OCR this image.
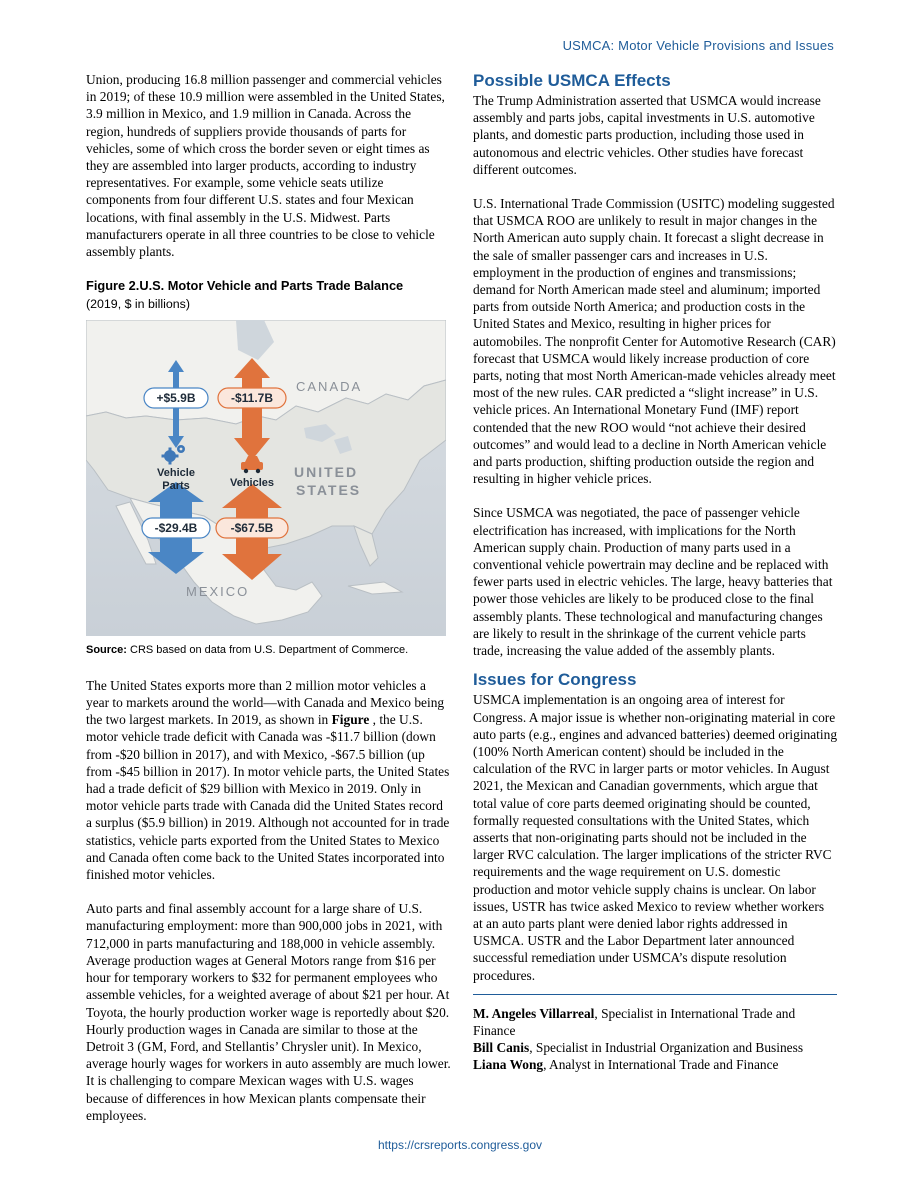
USMCA: Motor Vehicle Provisions and Issues

Union, producing 16.8 million passenger and commercial vehicles in 2019; of these 10.9 million were assembled in the United States, 3.9 million in Mexico, and 1.9 million in Canada. Across the region, hundreds of suppliers provide thousands of parts for vehicles, some of which cross the border seven or eight times as they are assembled into larger products, according to industry representatives. For example, some vehicle seats utilize components from four different U.S. states and four Mexican locations, with final assembly in the U.S. Midwest. Parts manufacturers operate in all three countries to be close to vehicle assembly plants.

Figure 2.U.S. Motor Vehicle and Parts Trade Balance
(2019, $ in billions)
CANADA
UNITED
STATES
MEXICO
+$5.9B	-$11.7B
-$29.4B	-$67.5B
Vehicle
Parts	Vehicles
Source: CRS based on data from U.S. Department of Commerce.

The United States exports more than 2 million motor vehicles a year to markets around the world—with Canada and Mexico being the two largest markets. In 2019, as shown in Figure , the U.S. motor vehicle trade deficit with Canada was -$11.7 billion (down from -$20 billion in 2017), and with Mexico, -$67.5 billion (up from -$45 billion in 2017). In motor vehicle parts, the United States had a trade deficit of $29 billion with Mexico in 2019. Only in motor vehicle parts trade with Canada did the United States record a surplus ($5.9 billion) in 2019. Although not accounted for in trade statistics, vehicle parts exported from the United States to Mexico and Canada often come back to the United States incorporated into finished motor vehicles.

Auto parts and final assembly account for a large share of U.S. manufacturing employment: more than 900,000 jobs in 2021, with 712,000 in parts manufacturing and 188,000 in vehicle assembly. Average production wages at General Motors range from $16 per hour for temporary workers to $32 for permanent employees who assemble vehicles, for a weighted average of about $21 per hour. At Toyota, the hourly production worker wage is reportedly about $20. Hourly production wages in Canada are similar to those at the Detroit 3 (GM, Ford, and Stellantis’ Chrysler unit). In Mexico, average hourly wages for workers in auto assembly are much lower. It is challenging to compare Mexican wages with U.S. wages because of differences in how Mexican plants compensate their employees.

Possible USMCA Effects

The Trump Administration asserted that USMCA would increase assembly and parts jobs, capital investments in U.S. automotive plants, and domestic parts production, including those used in autonomous and electric vehicles. Other studies have forecast different outcomes.

U.S. International Trade Commission (USITC) modeling suggested that USMCA ROO are unlikely to result in major changes in the North American auto supply chain. It forecast a slight decrease in the sale of smaller passenger cars and increases in U.S. employment in the production of engines and transmissions; demand for North American made steel and aluminum; imported parts from outside North America; and production costs in the United States and Mexico, resulting in higher prices for automobiles. The nonprofit Center for Automotive Research (CAR) forecast that USMCA would likely increase production of core parts, noting that most North American-made vehicles already meet most of the new rules. CAR predicted a “slight increase” in U.S. vehicle prices. An International Monetary Fund (IMF) report contended that the new ROO would “not achieve their desired outcomes” and would lead to a decline in North American vehicle and parts production, shifting production outside the region and resulting in higher vehicle prices.

Since USMCA was negotiated, the pace of passenger vehicle electrification has increased, with implications for the North American supply chain. Production of many parts used in a conventional vehicle powertrain may decline and be replaced with fewer parts used in electric vehicles. The large, heavy batteries that power those vehicles are likely to be produced close to the final assembly plants. These technological and manufacturing changes are likely to result in the shrinkage of the current vehicle parts trade, increasing the value added of the assembly plants.

Issues for Congress

USMCA implementation is an ongoing area of interest for Congress. A major issue is whether non-originating material in core auto parts (e.g., engines and advanced batteries) deemed originating (100% North American content) should be included in the calculation of the RVC in larger parts or motor vehicles. In August 2021, the Mexican and Canadian governments, which argue that total value of core parts deemed originating should be counted, formally requested consultations with the United States, which asserts that non-originating parts should not be included in the larger RVC calculation. The larger implications of the stricter RVC requirements and the wage requirement on U.S. domestic production and motor vehicle supply chains is unclear. On labor issues, USTR has twice asked Mexico to review whether workers at an auto parts plant were denied labor rights addressed in USMCA. USTR and the Labor Department later announced successful remediation under USMCA’s dispute resolution procedures.

M. Angeles Villarreal, Specialist in International Trade and Finance

Bill Canis, Specialist in Industrial Organization and Business

Liana Wong, Analyst in International Trade and Finance

https://crsreports.congress.gov
